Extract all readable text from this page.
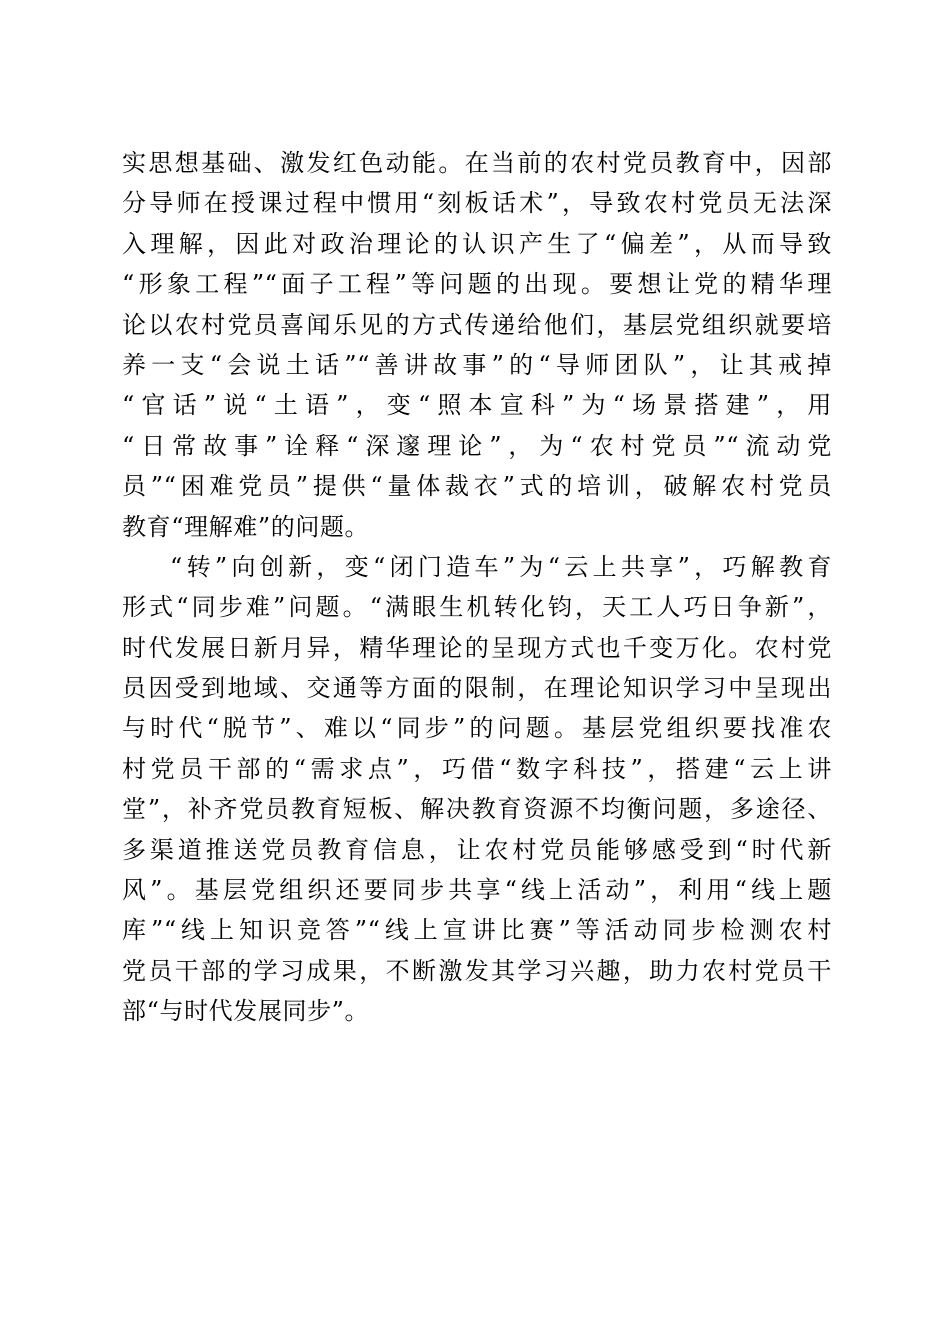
实思想基础、激发红色动能。在当前的农村党员教育中，因部
分导师在授课过程中惯用“刻板话术”，导致农村党员无法深
入理解，因此对政治理论的认识产生了“偏差”，从而导致
“形象工程”“面子工程”等问题的出现。要想让党的精华理
论以农村党员喜闻乐见的方式传递给他们，基层党组织就要培
养一支“会说土话”“善讲故事”的“导师团队”，让其戒掉
“官话”说“土语”，变“照本宣科”为“场景搭建”，用
“日常故事”诠释“深邃理论”，为“农村党员”“流动党
员”“困难党员”提供“量体裁衣”式的培训，破解农村党员
教育“理解难”的问题。
“转”向创新，变“闭门造车”为“云上共享”，巧解教育
形式“同步难”问题。“满眼生机转化钧，天工人巧日争新”，
时代发展日新月异，精华理论的呈现方式也千变万化。农村党
员因受到地域、交通等方面的限制，在理论知识学习中呈现出
与时代“脱节”、难以“同步”的问题。基层党组织要找准农
村党员干部的“需求点”，巧借“数字科技”，搭建“云上讲
堂”，补齐党员教育短板、解决教育资源不均衡问题，多途径、
多渠道推送党员教育信息，让农村党员能够感受到“时代新
风”。基层党组织还要同步共享“线上活动”，利用“线上题
库”“线上知识竞答”“线上宣讲比赛”等活动同步检测农村
党员干部的学习成果，不断激发其学习兴趣，助力农村党员干
部“与时代发展同步”。
